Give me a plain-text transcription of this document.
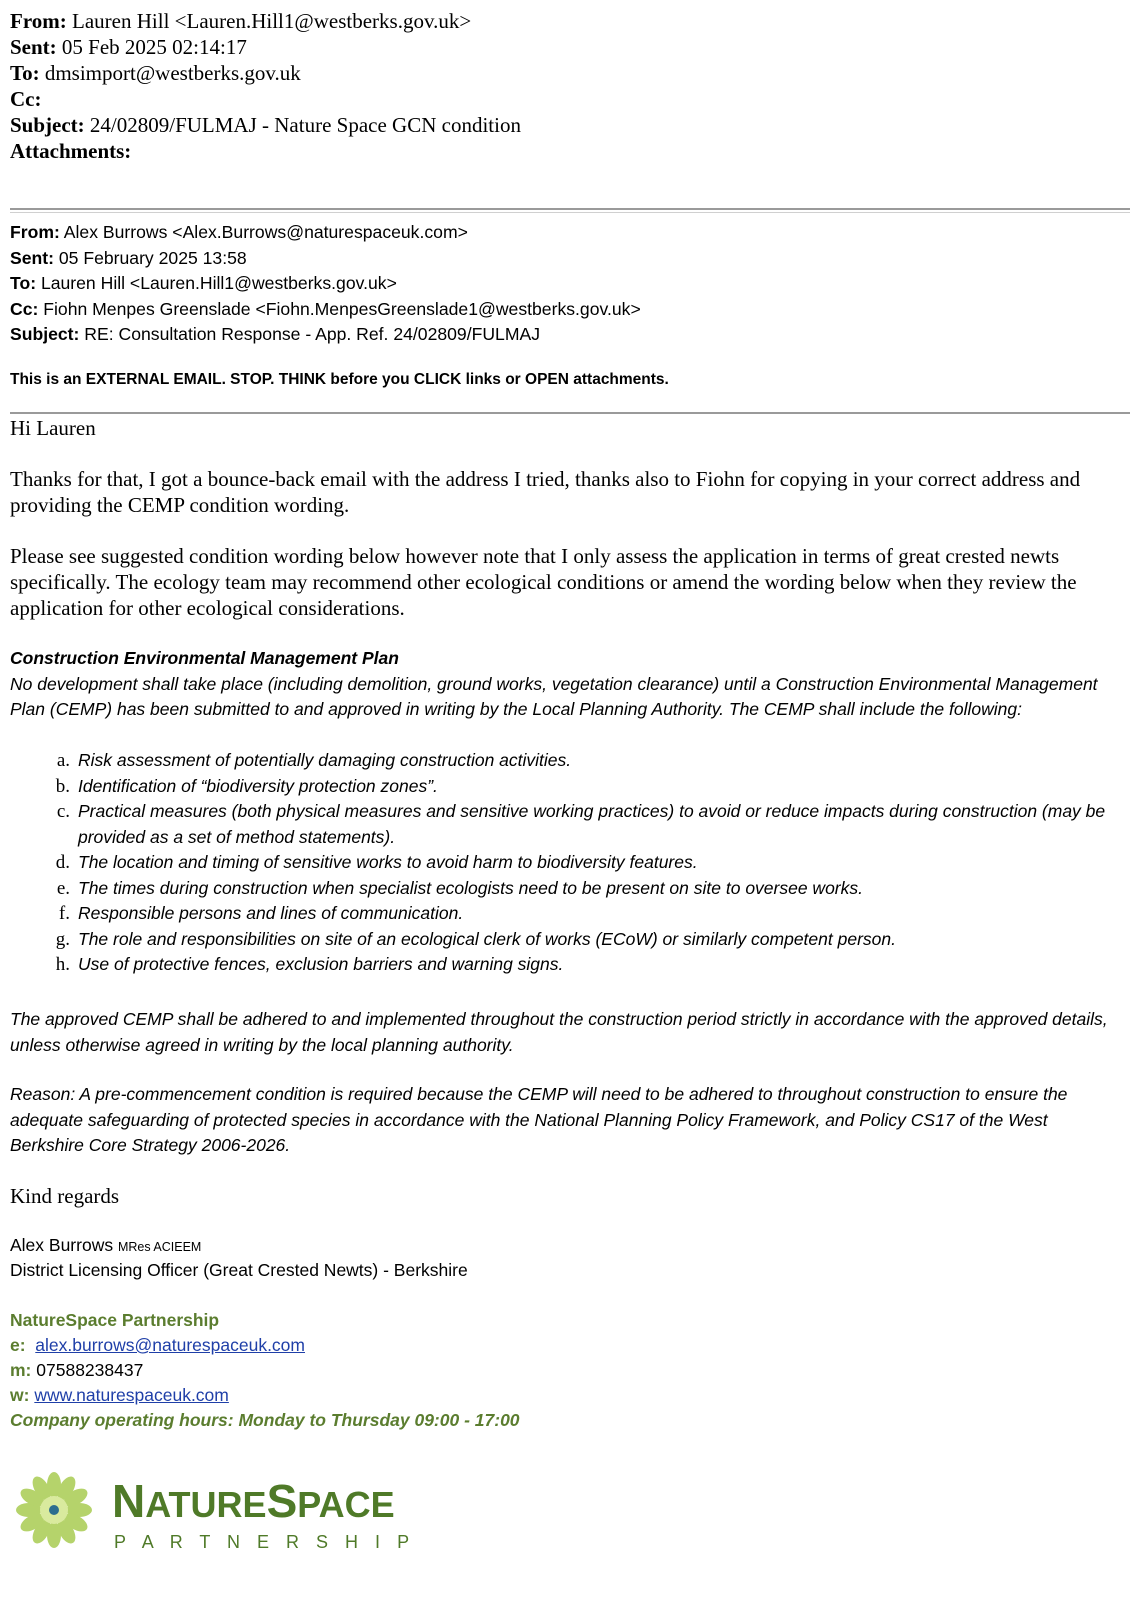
From: Lauren Hill <Lauren.Hill1@westberks.gov.uk>
Sent: 05 Feb 2025 02:14:17
To: dmsimport@westberks.gov.uk
Cc:
Subject: 24/02809/FULMAJ - Nature Space GCN condition
Attachments:
From: Alex Burrows <Alex.Burrows@naturespaceuk.com>
Sent: 05 February 2025 13:58
To: Lauren Hill <Lauren.Hill1@westberks.gov.uk>
Cc: Fiohn Menpes Greenslade <Fiohn.MenpesGreenslade1@westberks.gov.uk>
Subject: RE: Consultation Response - App. Ref. 24/02809/FULMAJ
This is an EXTERNAL EMAIL. STOP. THINK before you CLICK links or OPEN attachments.
Hi Lauren
Thanks for that, I got a bounce-back email with the address I tried, thanks also to Fiohn for copying in your correct address and providing the CEMP condition wording.
Please see suggested condition wording below however note that I only assess the application in terms of great crested newts specifically. The ecology team may recommend other ecological conditions or amend the wording below when they review the application for other ecological considerations.
Construction Environmental Management Plan
No development shall take place (including demolition, ground works, vegetation clearance) until a Construction Environmental Management Plan (CEMP) has been submitted to and approved in writing by the Local Planning Authority. The CEMP shall include the following:
a. Risk assessment of potentially damaging construction activities.
b. Identification of “biodiversity protection zones”.
c. Practical measures (both physical measures and sensitive working practices) to avoid or reduce impacts during construction (may be provided as a set of method statements).
d. The location and timing of sensitive works to avoid harm to biodiversity features.
e. The times during construction when specialist ecologists need to be present on site to oversee works.
f. Responsible persons and lines of communication.
g. The role and responsibilities on site of an ecological clerk of works (ECoW) or similarly competent person.
h. Use of protective fences, exclusion barriers and warning signs.
The approved CEMP shall be adhered to and implemented throughout the construction period strictly in accordance with the approved details, unless otherwise agreed in writing by the local planning authority.
Reason: A pre-commencement condition is required because the CEMP will need to be adhered to throughout construction to ensure the adequate safeguarding of protected species in accordance with the National Planning Policy Framework, and Policy CS17 of the West Berkshire Core Strategy 2006-2026.
Kind regards
Alex Burrows MRes ACIEEM
District Licensing Officer (Great Crested Newts) - Berkshire
NatureSpace Partnership
e: alex.burrows@naturespaceuk.com
m: 07588238437
w: www.naturespaceuk.com
Company operating hours: Monday to Thursday 09:00 - 17:00
NATURESPACE
P A R T N E R S H I P
